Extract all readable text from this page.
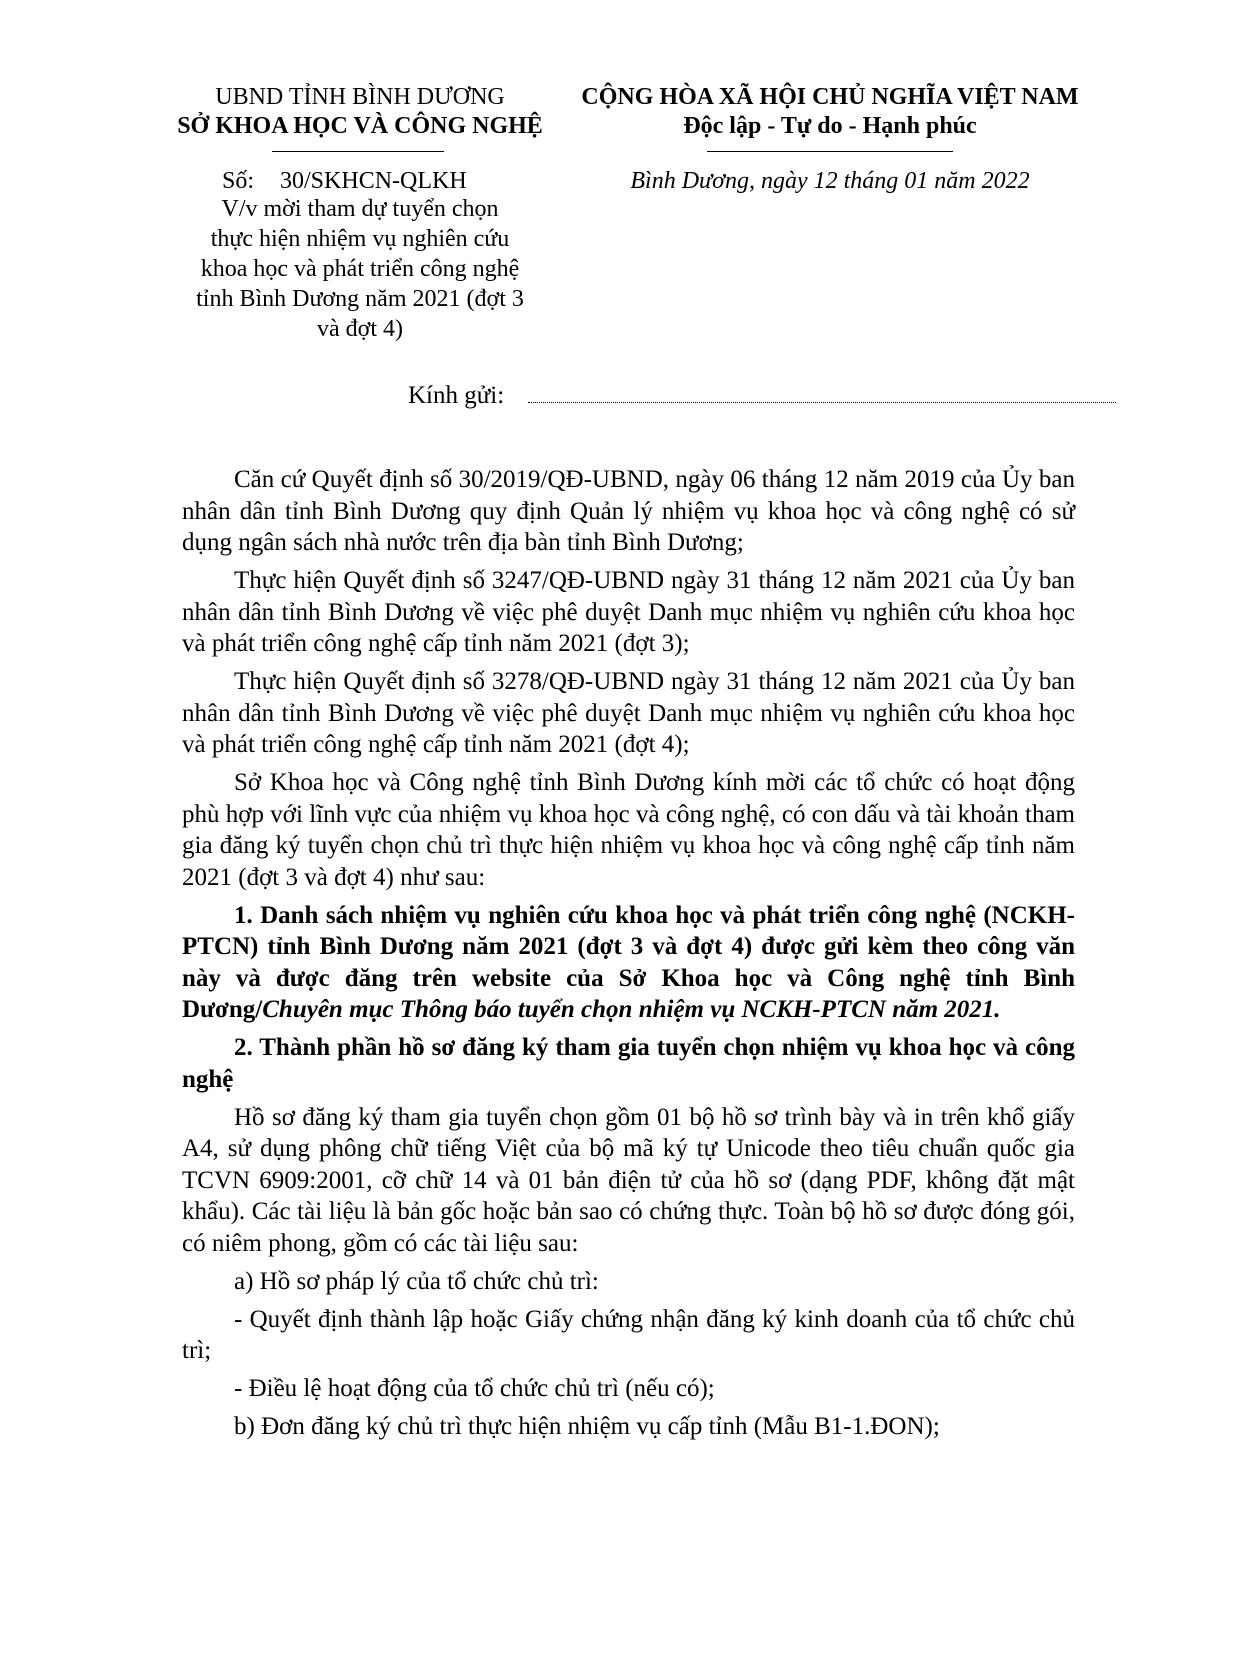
UBND TỈNH BÌNH DƯƠNG
SỞ KHOA HỌC VÀ CÔNG NGHỆ
Số: 30/SKHCN-QLKH
V/v mời tham dự tuyển chọn
thực hiện nhiệm vụ nghiên cứu
khoa học và phát triển công nghệ
tỉnh Bình Dương năm 2021 (đợt 3
và đợt 4)
CỘNG HÒA XÃ HỘI CHỦ NGHĨA VIỆT NAM
Độc lập - Tự do - Hạnh phúc
Bình Dương, ngày 12 tháng 01 năm 2022
Kính gửi:

Căn cứ Quyết định số 30/2019/QĐ-UBND, ngày 06 tháng 12 năm 2019 của Ủy ban nhân dân tỉnh Bình Dương quy định Quản lý nhiệm vụ khoa học và công nghệ có sử dụng ngân sách nhà nước trên địa bàn tỉnh Bình Dương;

Thực hiện Quyết định số 3247/QĐ-UBND ngày 31 tháng 12 năm 2021 của Ủy ban nhân dân tỉnh Bình Dương về việc phê duyệt Danh mục nhiệm vụ nghiên cứu khoa học và phát triển công nghệ cấp tỉnh năm 2021 (đợt 3);

Thực hiện Quyết định số 3278/QĐ-UBND ngày 31 tháng 12 năm 2021 của Ủy ban nhân dân tỉnh Bình Dương về việc phê duyệt Danh mục nhiệm vụ nghiên cứu khoa học và phát triển công nghệ cấp tỉnh năm 2021 (đợt 4);

Sở Khoa học và Công nghệ tỉnh Bình Dương kính mời các tổ chức có hoạt động phù hợp với lĩnh vực của nhiệm vụ khoa học và công nghệ, có con dấu và tài khoản tham gia đăng ký tuyển chọn chủ trì thực hiện nhiệm vụ khoa học và công nghệ cấp tỉnh năm 2021 (đợt 3 và đợt 4) như sau:

1. Danh sách nhiệm vụ nghiên cứu khoa học và phát triển công nghệ (NCKH-PTCN) tỉnh Bình Dương năm 2021 (đợt 3 và đợt 4) được gửi kèm theo công văn này và được đăng trên website của Sở Khoa học và Công nghệ tỉnh Bình Dương/Chuyên mục Thông báo tuyển chọn nhiệm vụ NCKH-PTCN năm 2021.

2. Thành phần hồ sơ đăng ký tham gia tuyển chọn nhiệm vụ khoa học và công nghệ

Hồ sơ đăng ký tham gia tuyển chọn gồm 01 bộ hồ sơ trình bày và in trên khổ giấy A4, sử dụng phông chữ tiếng Việt của bộ mã ký tự Unicode theo tiêu chuẩn quốc gia TCVN 6909:2001, cỡ chữ 14 và 01 bản điện tử của hồ sơ (dạng PDF, không đặt mật khẩu). Các tài liệu là bản gốc hoặc bản sao có chứng thực. Toàn bộ hồ sơ được đóng gói, có niêm phong, gồm có các tài liệu sau:

a) Hồ sơ pháp lý của tổ chức chủ trì:

- Quyết định thành lập hoặc Giấy chứng nhận đăng ký kinh doanh của tổ chức chủ trì;

- Điều lệ hoạt động của tổ chức chủ trì (nếu có);

b) Đơn đăng ký chủ trì thực hiện nhiệm vụ cấp tỉnh (Mẫu B1-1.ĐON);
